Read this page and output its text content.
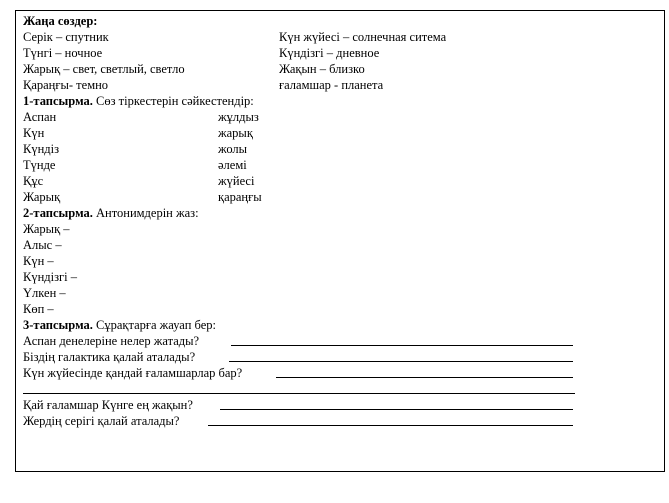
Жаңа сөздер:
Серік – спутник
Түнгі – ночное
Жарық – свет, светлый, светло
Қараңғы- темно
Күн жүйесі – солнечная ситема
Күндізгі – дневное
Жақын – близко
ғаламшар - планета
1-тапсырма. Сөз тіркестерін сәйкестендір:
Аспан
Күн
Күндіз
Түнде
Құс
Жарық
жұлдыз
жарық
жолы
әлемі
жүйесі
қараңғы
2-тапсырма. Антонимдерін жаз:
Жарық –
Алыс –
Күн –
Күндізгі –
Үлкен –
Көп –
3-тапсырма. Сұрақтарға жауап бер:
Аспан денелеріне нелер жатады?
Біздің галактика қалай аталады?
Күн жүйесінде қандай ғаламшарлар бар?
Қай ғаламшар Күнге ең жақын?
Жердің серігі қалай аталады?
